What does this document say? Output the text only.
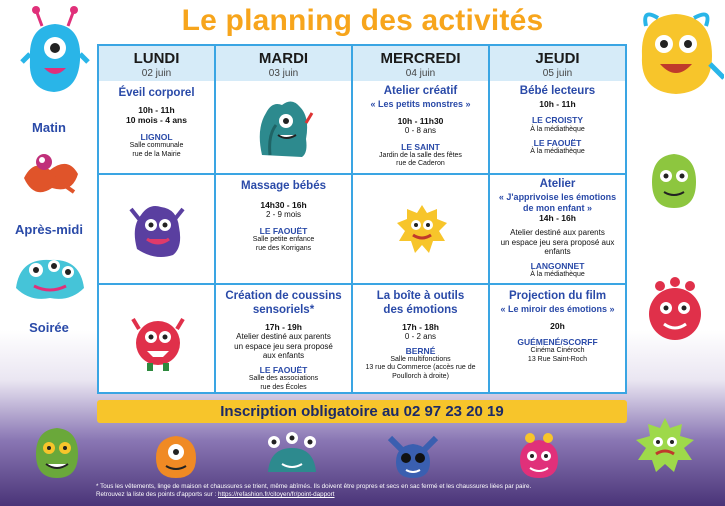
Le planning des activités
Matin
Après-midi
Soirée
LUNDI
02 juin
MARDI
03 juin
MERCREDI
04 juin
JEUDI
05 juin
Éveil corporel
10h - 11h
10 mois - 4 ans
LIGNOL
Salle communale
rue de la Mairie
Atelier créatif
« Les petits monstres »
10h - 11h30
0 - 8 ans
LE SAINT
Jardin de la salle des fêtes
rue de Caderon
Bébé lecteurs
10h - 11h
LE CROISTY
À la médiathèque
LE FAOUËT
À la médiathèque
Massage bébés
14h30 - 16h
2 - 9 mois
LE FAOUËT
Salle petite enfance
rue des Korrigans
Atelier
« J'apprivoise les émotions
de mon enfant »
14h - 16h
Atelier destiné aux parents
un espace jeu sera proposé aux
enfants
LANGONNET
À la médiathèque
Création de coussins
sensoriels*
17h - 19h
Atelier destiné aux parents
un espace jeu sera proposé
aux enfants
LE FAOUËT
Salle des associations
rue des Écoles
La boîte à outils
des émotions
17h - 18h
0 - 2 ans
BERNÉ
Salle multifonctions
13 rue du Commerce (accès rue de
Poullorch à droite)
Projection du film
« Le miroir des émotions »
20h
GUÉMENÉ/SCORFF
Cinéma Cinéroch
13 Rue Saint-Roch
Inscription obligatoire au 02 97 23 20 19
* Tous les vêtements, linge de maison et chaussures se trient, même abîmés. Ils doivent être propres et secs en sac fermé et les chaussures liées par paire.
Retrouvez la liste des points d'apports sur : https://refashion.fr/citoyen/fr/point-dapport
